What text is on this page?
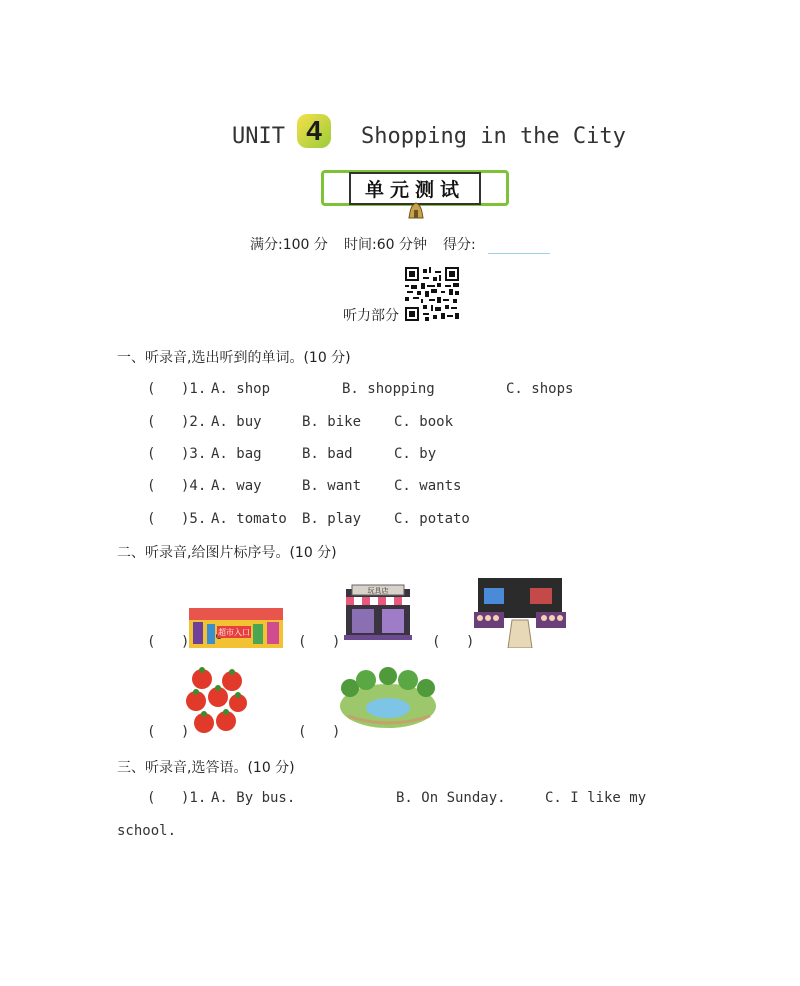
UNIT 4	Shopping in the City
单元测试
满分:100 分 时间:60 分钟 得分:
听力部分
一、听录音,选出听到的单词。(10 分)
( )1. A. shop	B. shopping	C. shops
( )2. A. buy	B. bike C. book
( )3. A. bag	B. bad	C. by
( )4. A. way	B. want C. wants
( )5. A. tomato B. play C. potato
二、听录音,给图片标序号。(10 分)
( )	( )	( )
超市入口
玩具店
( )	( )
三、听录音,选答语。(10 分)
( )1. A. By bus.	B. On Sunday.	C. I like my
school.
